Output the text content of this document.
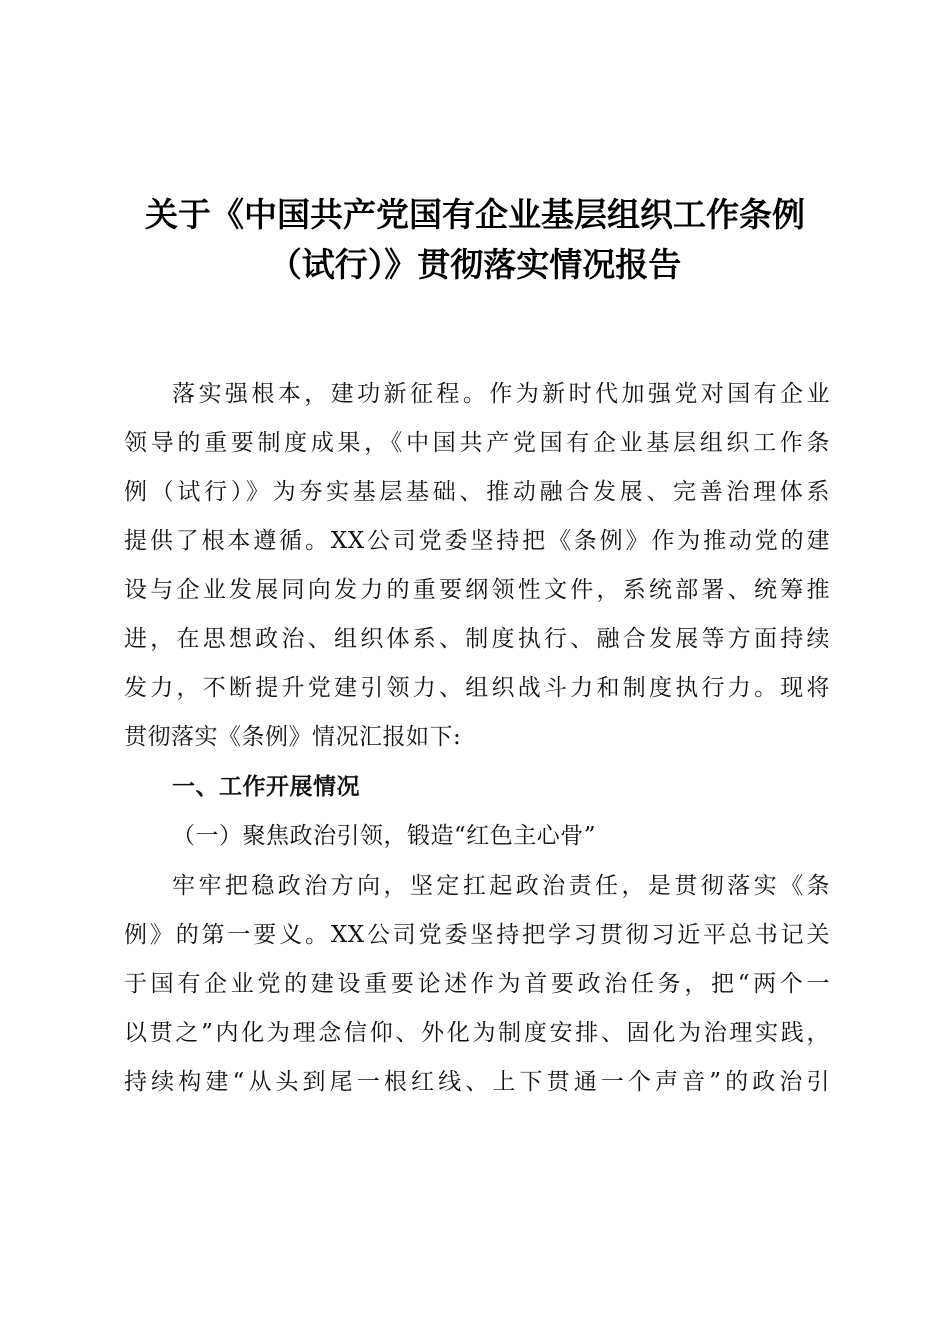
关于《中国共产党国有企业基层组织工作条例
（试行）》贯彻落实情况报告
落实强根本，建功新征程。作为新时代加强党对国有企业
领导的重要制度成果，《中国共产党国有企业基层组织工作条
例（试行）》为夯实基层基础、推动融合发展、完善治理体系
提供了根本遵循。XX公司党委坚持把《条例》作为推动党的建
设与企业发展同向发力的重要纲领性文件，系统部署、统筹推
进，在思想政治、组织体系、制度执行、融合发展等方面持续
发力，不断提升党建引领力、组织战斗力和制度执行力。现将
贯彻落实《条例》情况汇报如下:
一、工作开展情况
（一）聚焦政治引领，锻造“红色主心骨”
牢牢把稳政治方向，坚定扛起政治责任，是贯彻落实《条
例》的第一要义。XX公司党委坚持把学习贯彻习近平总书记关
于国有企业党的建设重要论述作为首要政治任务，把“两个一
以贯之”内化为理念信仰、外化为制度安排、固化为治理实践，
持续构建“从头到尾一根红线、上下贯通一个声音”的政治引
